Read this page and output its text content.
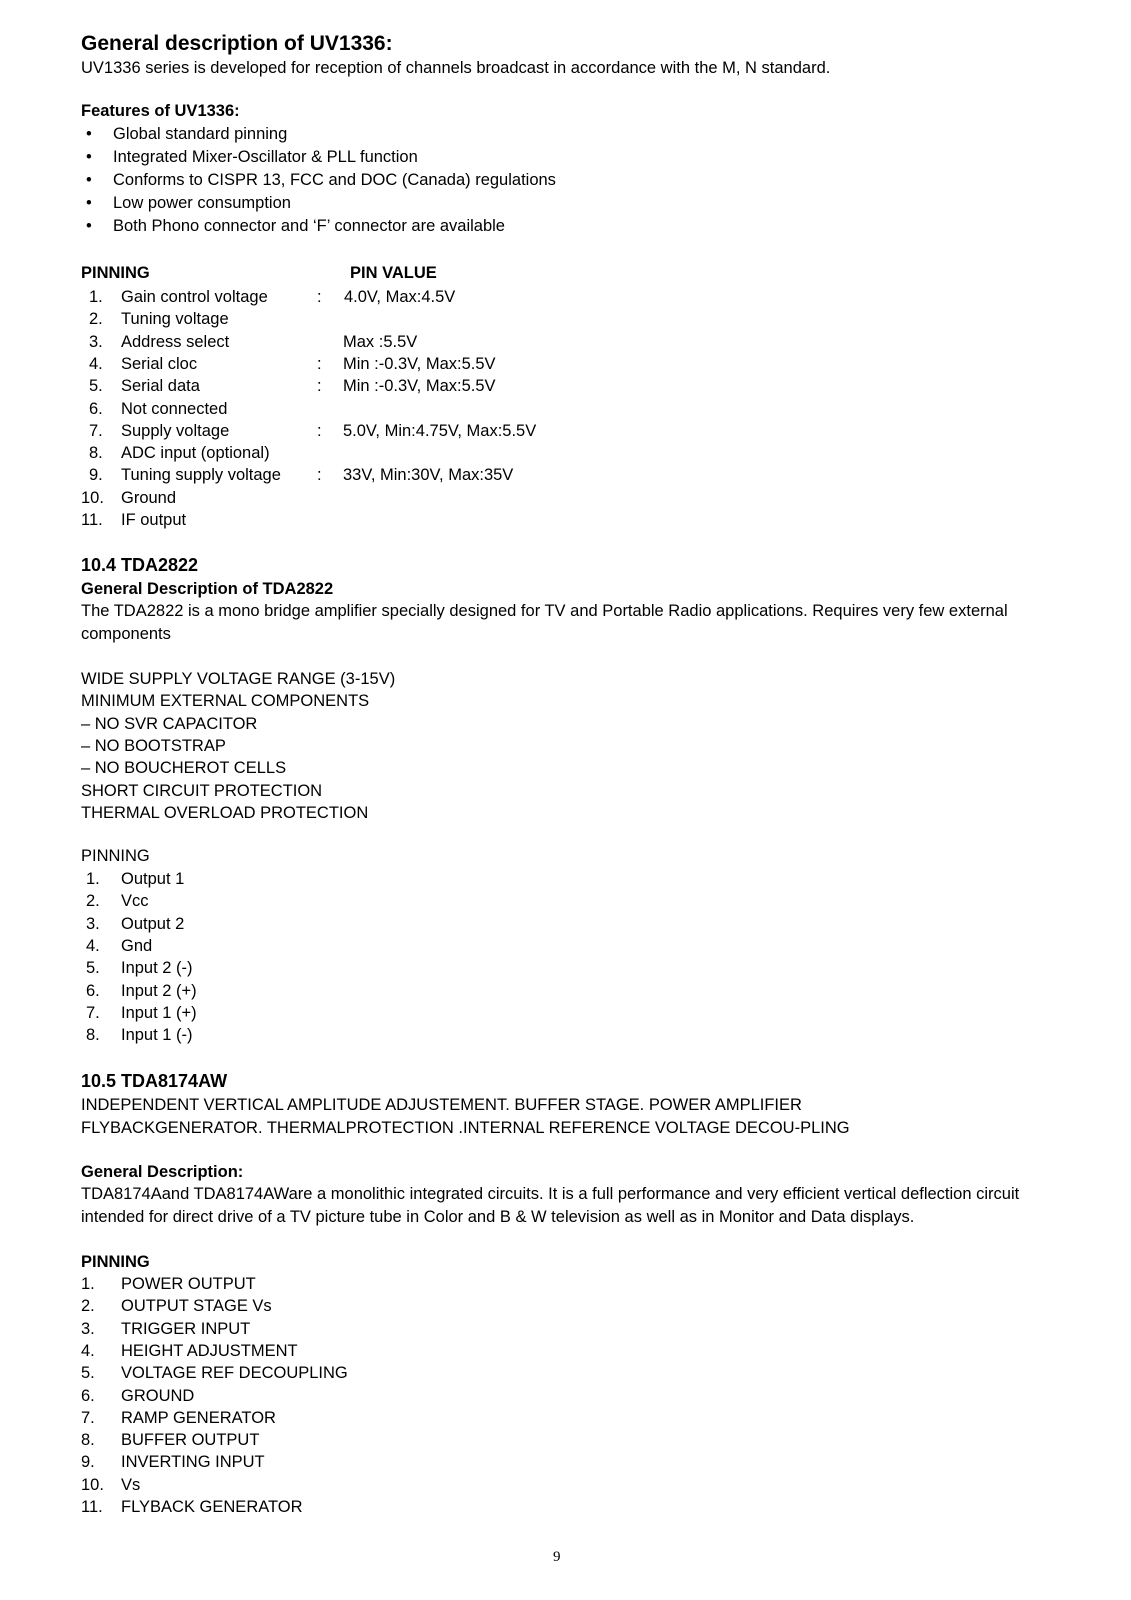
General description of UV1336:
UV1336 series is developed for reception of channels broadcast in accordance with the M, N standard.
Features of UV1336:
PINNING	PIN VALUE
10.4 TDA2822
General Description of TDA2822
The TDA2822 is a mono bridge amplifier specially designed for TV and Portable Radio applications. Requires very few external components
PINNING
10.5 TDA8174AW
INDEPENDENT VERTICAL AMPLITUDE ADJUSTEMENT. BUFFER STAGE. POWER AMPLIFIER
FLYBACKGENERATOR. THERMALPROTECTION .INTERNAL REFERENCE VOLTAGE DECOU-PLING
General Description:
TDA8174Aand TDA8174AWare a monolithic integrated circuits. It is a full performance and very efficient vertical deflection circuit intended for direct drive of a TV picture tube in Color and B & W television as well as in Monitor and Data displays.
PINNING
9
• Global standard pinning
• Integrated Mixer-Oscillator & PLL function
• Conforms to CISPR 13, FCC and DOC (Canada) regulations
• Low power consumption
• Both Phono connector and ‘F’ connector are available
1. Gain control voltage	: 4.0V, Max:4.5V
2. Tuning voltage
3. Address select	Max :5.5V
4. Serial cloc	: Min :-0.3V, Max:5.5V
5. Serial data	: Min :-0.3V, Max:5.5V
6. Not connected
7. Supply voltage	: 5.0V, Min:4.75V, Max:5.5V
8. ADC input (optional)
9. Tuning supply voltage : 33V, Min:30V, Max:35V
10. Ground
11. IF output
WIDE SUPPLY VOLTAGE RANGE (3-15V)
MINIMUM EXTERNAL COMPONENTS
– NO SVR CAPACITOR
– NO BOOTSTRAP
– NO BOUCHEROT CELLS
SHORT CIRCUIT PROTECTION
THERMAL OVERLOAD PROTECTION
1. Output 1
2. Vcc
3. Output 2
4. Gnd
5. Input 2 (-)
6. Input 2 (+)
7. Input 1 (+)
8. Input 1 (-)
1. POWER OUTPUT
2. OUTPUT STAGE Vs
3. TRIGGER INPUT
4. HEIGHT ADJUSTMENT
5. VOLTAGE REF DECOUPLING
6. GROUND
7. RAMP GENERATOR
8. BUFFER OUTPUT
9. INVERTING INPUT
10. Vs
11. FLYBACK GENERATOR
